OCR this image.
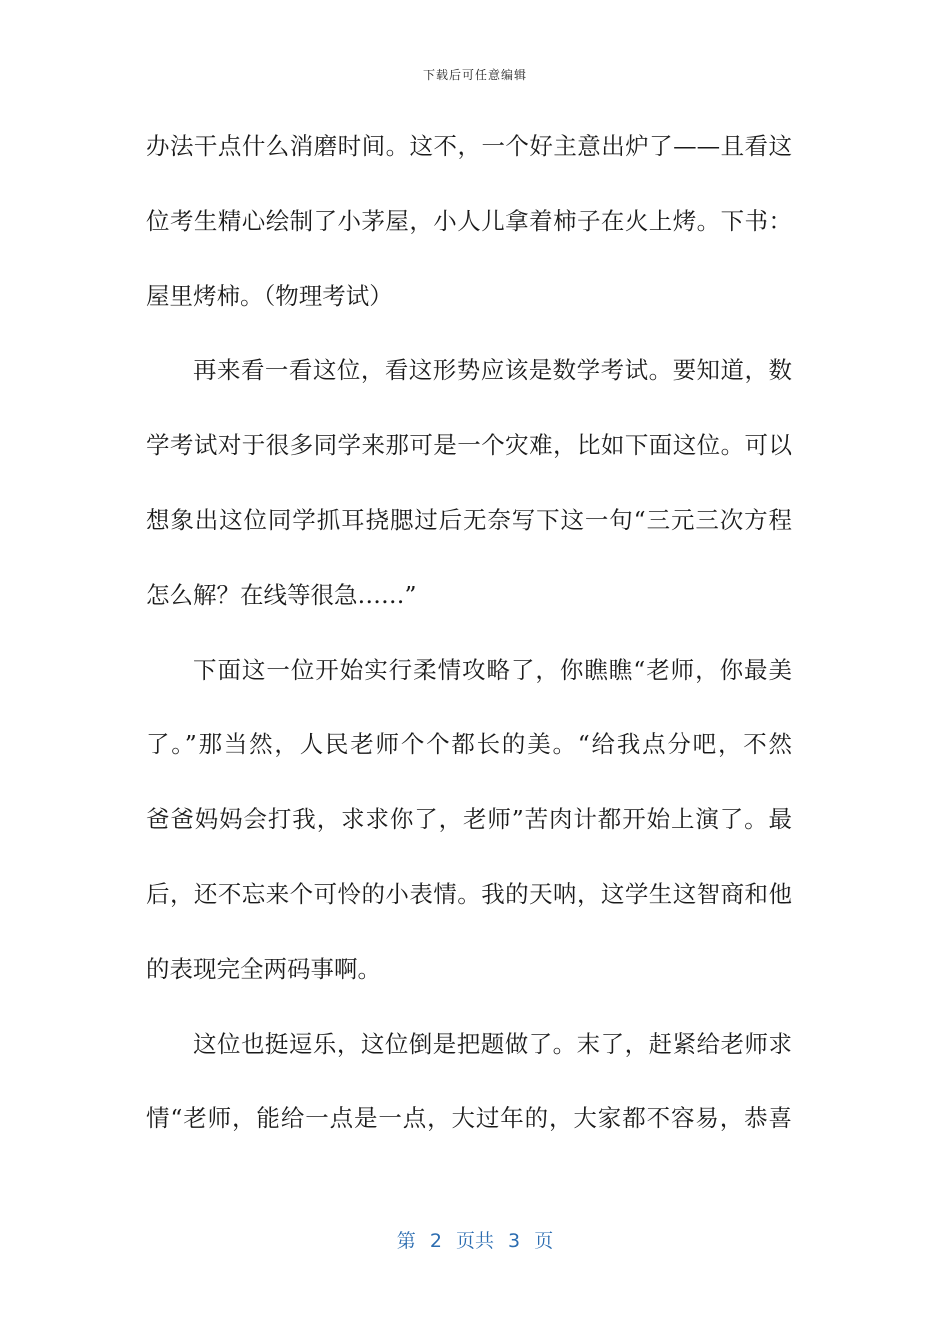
下载后可任意编辑
办法干点什么消磨时间。这不，一个好主意出炉了——且看这
位考生精心绘制了小茅屋，小人儿拿着柿子在火上烤。下书：
屋里烤柿。（物理考试）
再来看一看这位，看这形势应该是数学考试。要知道，数
学考试对于很多同学来那可是一个灾难，比如下面这位。可以
想象出这位同学抓耳挠腮过后无奈写下这一句“三元三次方程
怎么解？在线等很急……”
下面这一位开始实行柔情攻略了，你瞧瞧“老师，你最美
了。”那当然，人民老师个个都长的美。“给我点分吧，不然
爸爸妈妈会打我，求求你了，老师”苦肉计都开始上演了。最
后，还不忘来个可怜的小表情。我的天呐，这学生这智商和他
的表现完全两码事啊。
这位也挺逗乐，这位倒是把题做了。末了，赶紧给老师求
情“老师，能给一点是一点，大过年的，大家都不容易，恭喜
第 2 页共 3 页
